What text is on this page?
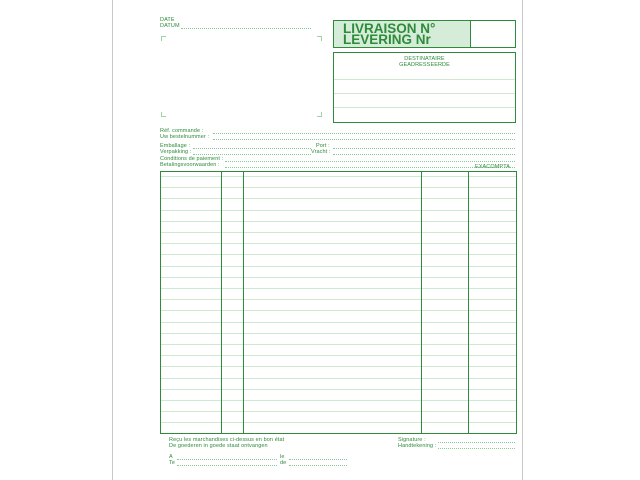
DATE
DATUM	LIVRAISON N°
LEVERING Nr
DESTINATAIRE
GEADRESSEERDE
Réf. commande :
Uw bestelnummer :
Emballage :
Verpakking :
Port :
Vracht :
Conditions de paiement :
Betalingsvoorwaarden :	EXACOMPTA
Reçu les marchandises ci-dessus en bon état
De goederen in goede staat ontvangen
Signature :
Handtekening :
A
Te
le
de
